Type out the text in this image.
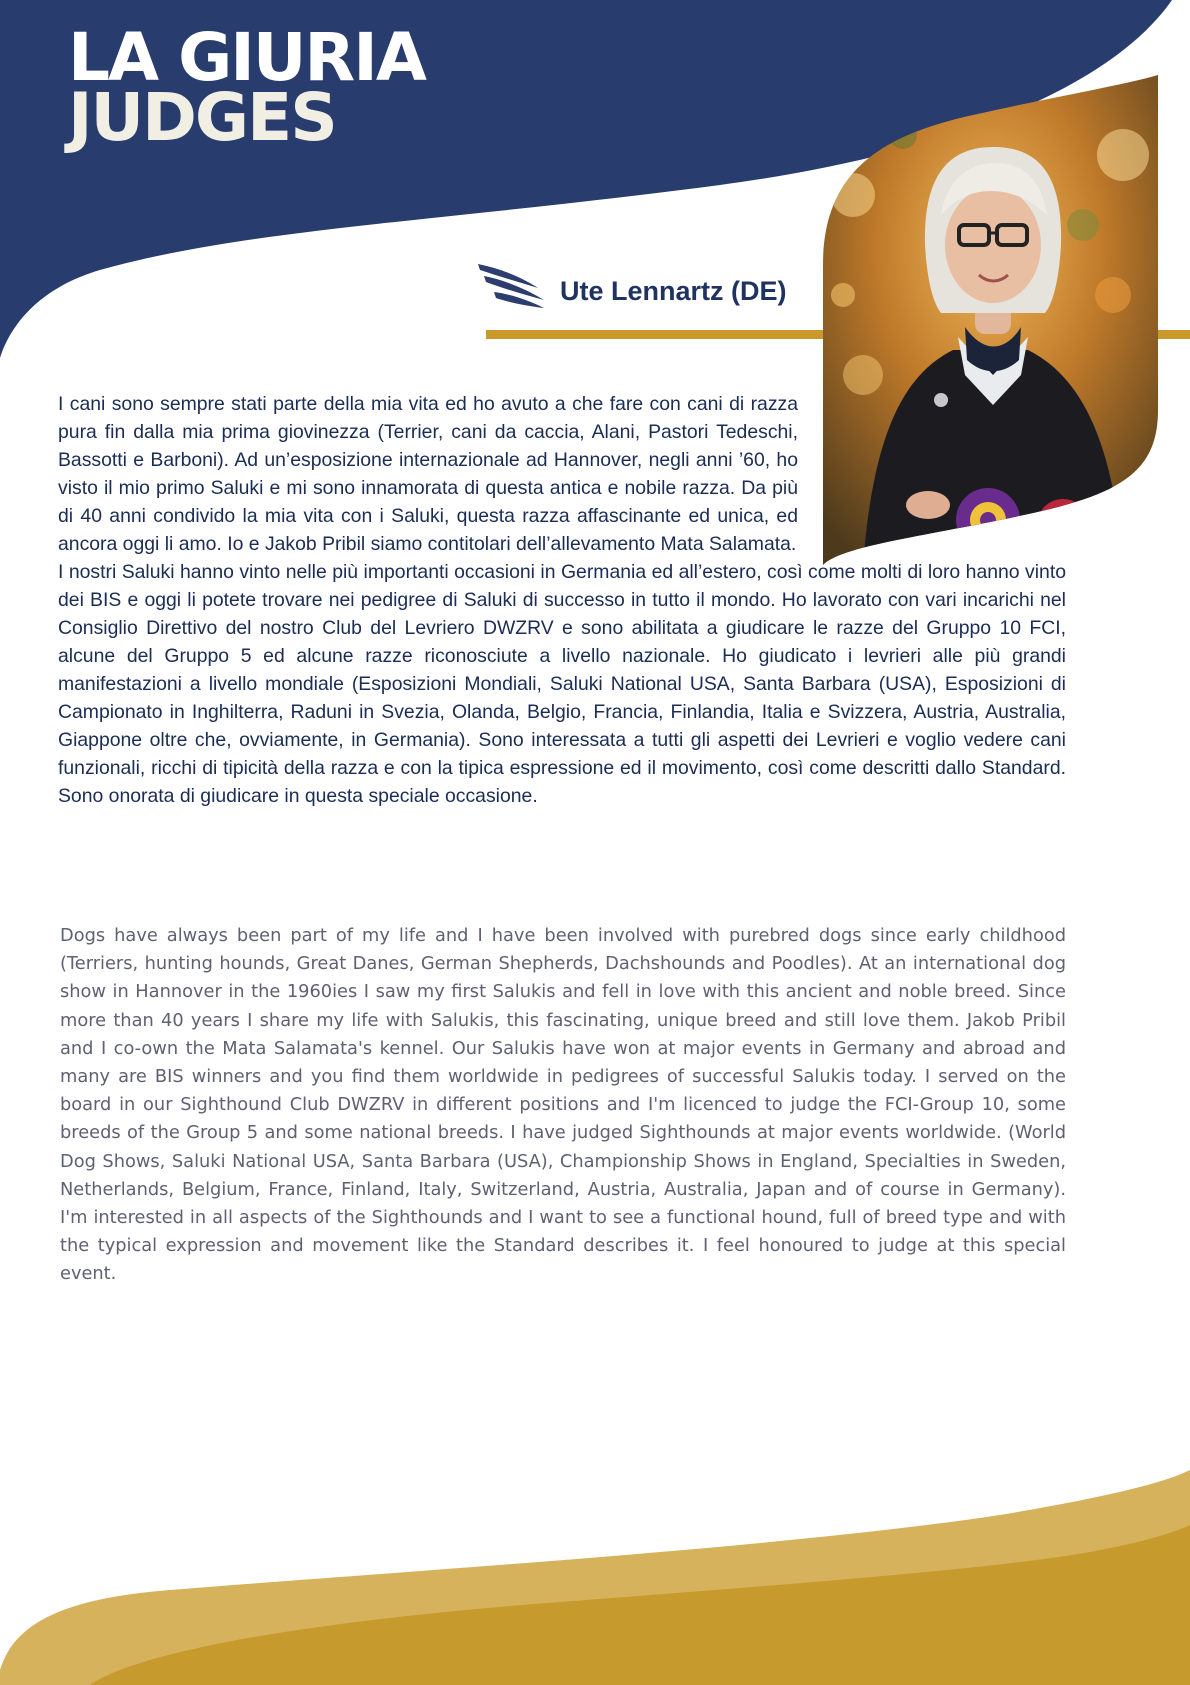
LA GIURIA
JUDGES
Ute Lennartz (DE)

I cani sono sempre stati parte della mia vita ed ho avuto a che fare con cani di razza pura fin dalla mia prima giovinezza (Terrier, cani da caccia, Alani, Pastori Tedeschi, Bassotti e Barboni). Ad un’esposizione internazionale ad Hannover, negli anni ’60, ho visto il mio primo Saluki e mi sono innamorata di questa antica e nobile razza. Da più di 40 anni condivido la mia vita con i Saluki, questa razza affascinante ed unica, ed ancora oggi li amo. Io e Jakob Pribil siamo contitolari dell’allevamento Mata Salamata.

I nostri Saluki hanno vinto nelle più importanti occasioni in Germania ed all’estero, così come molti di loro hanno vinto dei BIS e oggi li potete trovare nei pedigree di Saluki di successo in tutto il mondo. Ho lavorato con vari incarichi nel Consiglio Direttivo del nostro Club del Levriero DWZRV e sono abilitata a giudicare le razze del Gruppo 10 FCI, alcune del Gruppo 5 ed alcune razze riconosciute a livello nazionale. Ho giudicato i levrieri alle più grandi manifestazioni a livello mondiale (Esposizioni Mondiali, Saluki National USA, Santa Barbara (USA), Esposizioni di Campionato in Inghilterra, Raduni in Svezia, Olanda, Belgio, Francia, Finlandia, Italia e Svizzera, Austria, Australia, Giappone oltre che, ovviamente, in Germania). Sono interessata a tutti gli aspetti dei Levrieri e voglio vedere cani funzionali, ricchi di tipicità della razza e con la tipica espressione ed il movimento, così come descritti dallo Standard. Sono onorata di giudicare in questa speciale occasione.

Dogs have always been part of my life and I have been involved with purebred dogs since early childhood (Terriers, hunting hounds, Great Danes, German Shepherds, Dachshounds and Poodles). At an international dog show in Hannover in the 1960ies I saw my first Salukis and fell in love with this ancient and noble breed. Since more than 40 years I share my life with Salukis, this fascinating, unique breed and still love them. Jakob Pribil and I co-own the Mata Salamata's kennel. Our Salukis have won at major events in Germany and abroad and many are BIS winners and you find them worldwide in pedigrees of successful Salukis today. I served on the board in our Sighthound Club DWZRV in different positions and I'm licenced to judge the FCI-Group 10, some breeds of the Group 5 and some national breeds. I have judged Sighthounds at major events worldwide. (World Dog Shows, Saluki National USA, Santa Barbara (USA), Championship Shows in England, Specialties in Sweden, Netherlands, Belgium, France, Finland, Italy, Switzerland, Austria, Australia, Japan and of course in Germany). I'm interested in all aspects of the Sighthounds and I want to see a functional hound, full of breed type and with the typical expression and movement like the Standard describes it. I feel honoured to judge at this special event.
